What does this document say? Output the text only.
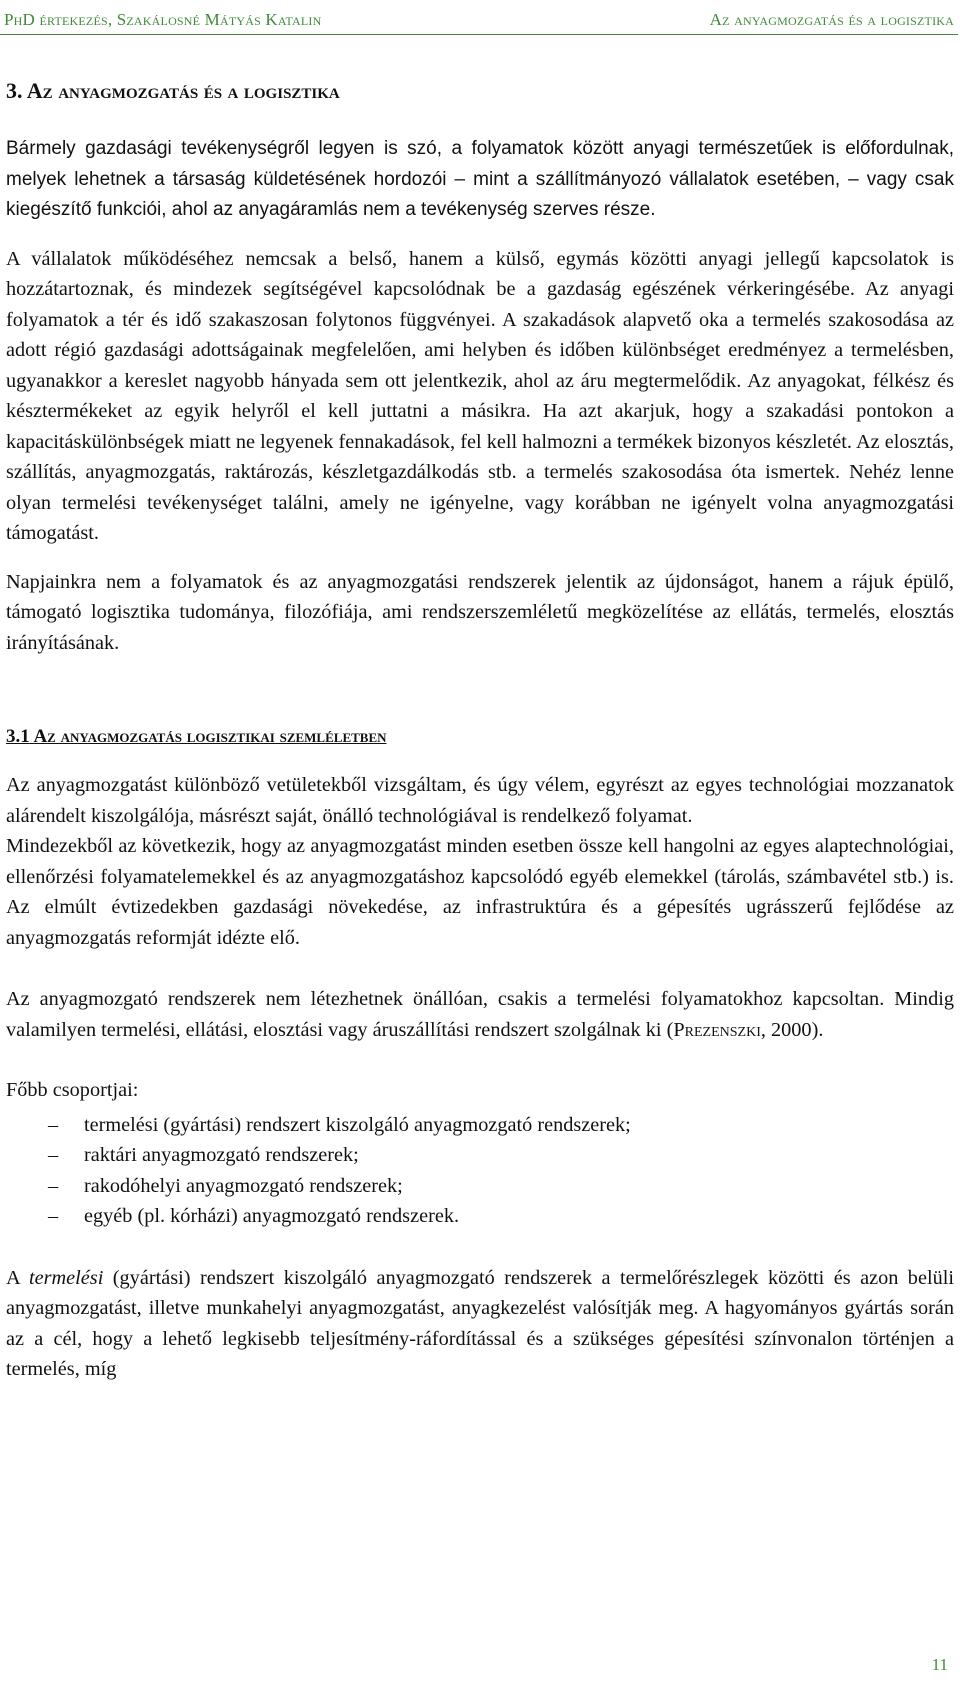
PhD értekezés, Szakálosné Mátyás Katalin	Az anyagmozgatás és a logisztika
3. Az anyagmozgatás és a logisztika

Bármely gazdasági tevékenységről legyen is szó, a folyamatok között anyagi természetűek is előfordulnak, melyek lehetnek a társaság küldetésének hordozói – mint a szállítmányozó vállalatok esetében, – vagy csak kiegészítő funkciói, ahol az anyagáramlás nem a tevékenység szerves része.

A vállalatok működéséhez nemcsak a belső, hanem a külső, egymás közötti anyagi jellegű kapcsolatok is hozzátartoznak, és mindezek segítségével kapcsolódnak be a gazdaság egészének vérkeringésébe. Az anyagi folyamatok a tér és idő szakaszosan folytonos függvényei. A szakadások alapvető oka a termelés szakosodása az adott régió gazdasági adottságainak megfelelően, ami helyben és időben különbséget eredményez a termelésben, ugyanakkor a kereslet nagyobb hányada sem ott jelentkezik, ahol az áru megtermelődik. Az anyagokat, félkész és késztermékeket az egyik helyről el kell juttatni a másikra. Ha azt akarjuk, hogy a szakadási pontokon a kapacitáskülönbségek miatt ne legyenek fennakadások, fel kell halmozni a termékek bizonyos készletét. Az elosztás, szállítás, anyagmozgatás, raktározás, készletgazdálkodás stb. a termelés szakosodása óta ismertek. Nehéz lenne olyan termelési tevékenységet találni, amely ne igényelne, vagy korábban ne igényelt volna anyagmozgatási támogatást.

Napjainkra nem a folyamatok és az anyagmozgatási rendszerek jelentik az újdonságot, hanem a rájuk épülő, támogató logisztika tudománya, filozófiája, ami rendszerszemléletű megközelítése az ellátás, termelés, elosztás irányításának.

3.1 Az anyagmozgatás logisztikai szemléletben

Az anyagmozgatást különböző vetületekből vizsgáltam, és úgy vélem, egyrészt az egyes technológiai mozzanatok alárendelt kiszolgálója, másrészt saját, önálló technológiával is rendelkező folyamat.

Mindezekből az következik, hogy az anyagmozgatást minden esetben össze kell hangolni az egyes alaptechnológiai, ellenőrzési folyamatelemekkel és az anyagmozgatáshoz kapcsolódó egyéb elemekkel (tárolás, számbavétel stb.) is. Az elmúlt évtizedekben gazdasági növekedése, az infrastruktúra és a gépesítés ugrásszerű fejlődése az anyagmozgatás reformját idézte elő.

Az anyagmozgató rendszerek nem létezhetnek önállóan, csakis a termelési folyamatokhoz kapcsoltan. Mindig valamilyen termelési, ellátási, elosztási vagy áruszállítási rendszert szolgálnak ki (Prezenszki, 2000).

Főbb csoportjai:

– termelési (gyártási) rendszert kiszolgáló anyagmozgató rendszerek;
– raktári anyagmozgató rendszerek;
– rakodóhelyi anyagmozgató rendszerek;
– egyéb (pl. kórházi) anyagmozgató rendszerek.

A termelési (gyártási) rendszert kiszolgáló anyagmozgató rendszerek a termelőrészlegek közötti és azon belüli anyagmozgatást, illetve munkahelyi anyagmozgatást, anyagkezelést valósítják meg. A hagyományos gyártás során az a cél, hogy a lehető legkisebb teljesítmény-ráfordítással és a szükséges gépesítési színvonalon történjen a termelés, míg

11
